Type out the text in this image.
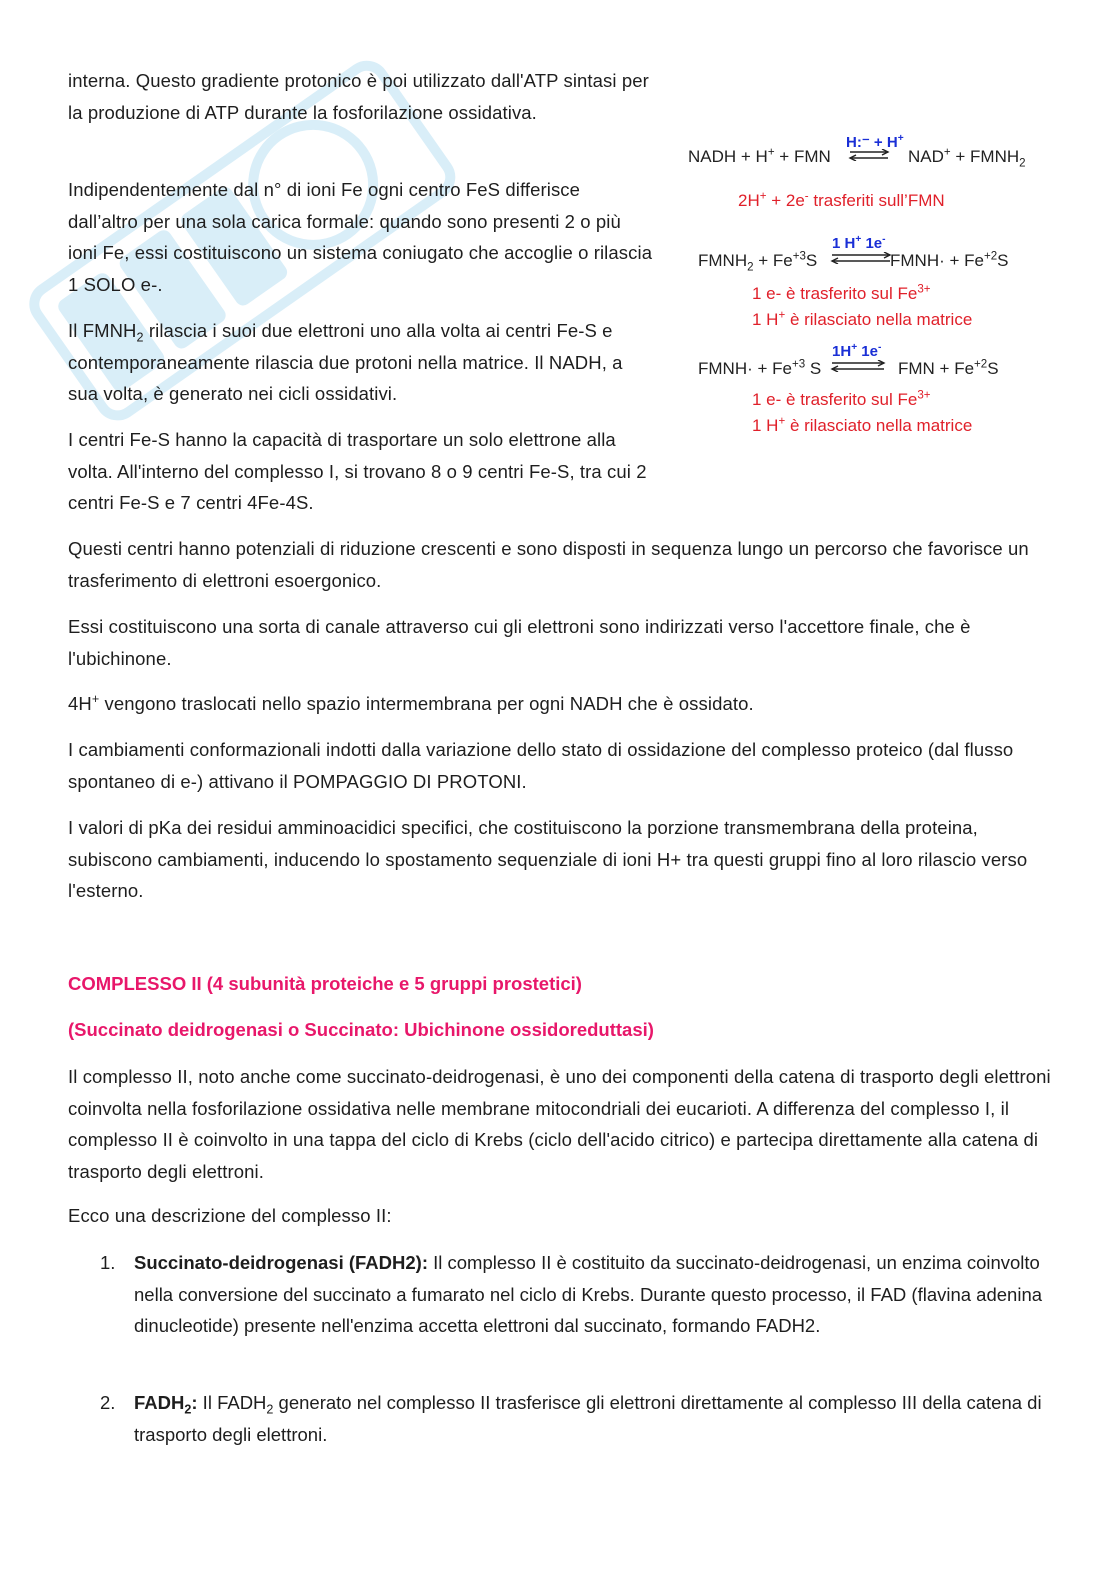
interna. Questo gradiente protonico è poi utilizzato dall'ATP sintasi per la produzione di ATP durante la fosforilazione ossidativa.

Indipendentemente dal n° di ioni Fe ogni centro FeS differisce dall’altro per una sola carica formale: quando sono presenti 2 o più ioni Fe, essi costituiscono un sistema coniugato che accoglie o rilascia 1 SOLO e-.

Il $FMNH_2$ rilascia i suoi due elettroni uno alla volta ai centri Fe-S e contemporaneamente rilascia due protoni nella matrice. Il NADH, a sua volta, è generato nei cicli ossidativi.

I centri Fe-S hanno la capacità di trasportare un solo elettrone alla volta. All'interno del complesso I, si trovano 8 o 9 centri Fe-S, tra cui 2 centri Fe-S e 7 centri 4Fe-4S.

NADH + H+ + FMN
H:⁻ + H+
$NAD^+ + FMNH_2$
2H+ + 2e- trasferiti sull’FMN
$FMNH_2 + Fe^{+3}S$
1 H+ 1e-
FMNH· + $Fe^{+2}S$
1 e- è trasferito sul $Fe^{3+}$
1 H+ è rilasciato nella matrice
FMNH· + $Fe^{+3}$ S
1H+ 1e-
FMN + $Fe^{+2}S$
1 e- è trasferito sul $Fe^{3+}$
1 H+ è rilasciato nella matrice

Questi centri hanno potenziali di riduzione crescenti e sono disposti in sequenza lungo un percorso che favorisce un trasferimento di elettroni esoergonico.

Essi costituiscono una sorta di canale attraverso cui gli elettroni sono indirizzati verso l'accettore finale, che è l'ubichinone.

4H+ vengono traslocati nello spazio intermembrana per ogni NADH che è ossidato.

I cambiamenti conformazionali indotti dalla variazione dello stato di ossidazione del complesso proteico (dal flusso spontaneo di e-) attivano il POMPAGGIO DI PROTONI.

I valori di pKa dei residui amminoacidici specifici, che costituiscono la porzione transmembrana della proteina, subiscono cambiamenti, inducendo lo spostamento sequenziale di ioni H+ tra questi gruppi fino al loro rilascio verso l'esterno.

COMPLESSO II (4 subunità proteiche e 5 gruppi prostetici)
(Succinato deidrogenasi o Succinato: Ubichinone ossidoreduttasi)

Il complesso II, noto anche come succinato-deidrogenasi, è uno dei componenti della catena di trasporto degli elettroni coinvolta nella fosforilazione ossidativa nelle membrane mitocondriali dei eucarioti. A differenza del complesso I, il complesso II è coinvolto in una tappa del ciclo di Krebs (ciclo dell'acido citrico) e partecipa direttamente alla catena di trasporto degli elettroni.

Ecco una descrizione del complesso II:

1. Succinato-deidrogenasi (FADH2): Il complesso II è costituito da succinato-deidrogenasi, un enzima coinvolto nella conversione del succinato a fumarato nel ciclo di Krebs. Durante questo processo, il FAD (flavina adenina dinucleotide) presente nell'enzima accetta elettroni dal succinato, formando FADH2.
2. $FADH_2$: Il $FADH_2$ generato nel complesso II trasferisce gli elettroni direttamente al complesso III della catena di trasporto degli elettroni.
